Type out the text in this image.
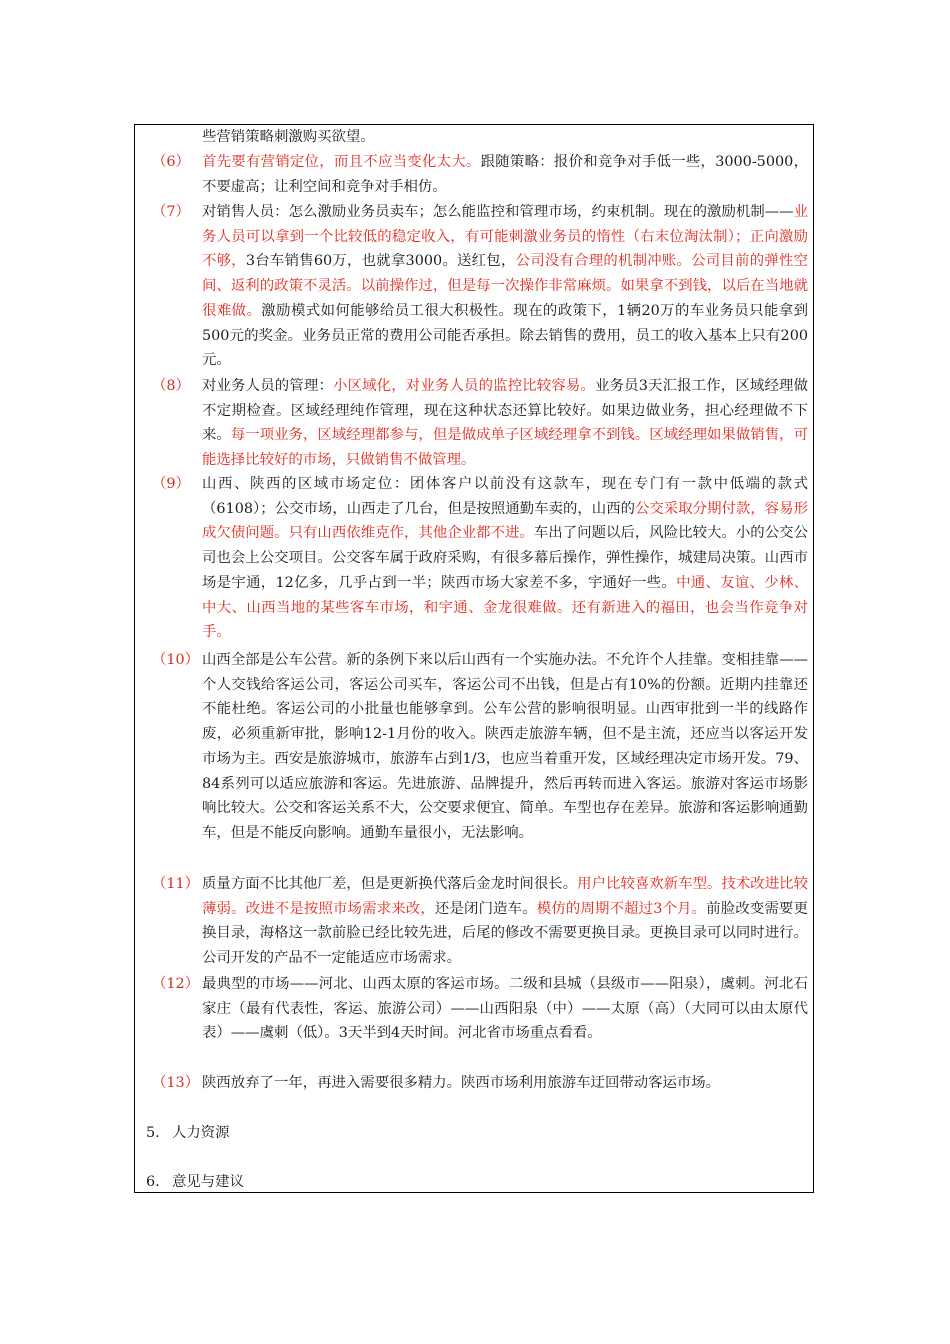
些营销策略刺激购买欲望。
（6） 首先要有营销定位，而且不应当变化太大。跟随策略：报价和竞争对手低一些，3000-5000，不要虚高；让利空间和竞争对手相仿。
（7） 对销售人员：怎么激励业务员卖车；怎么能监控和管理市场，约束机制。现在的激励机制——业务人员可以拿到一个比较低的稳定收入，有可能刺激业务员的惰性（右末位淘汰制）；正向激励不够，3台车销售60万，也就拿3000。送红包，公司没有合理的机制冲账。公司目前的弹性空间、返利的政策不灵活。以前操作过，但是每一次操作非常麻烦。如果拿不到钱，以后在当地就很难做。激励模式如何能够给员工很大积极性。现在的政策下，1辆20万的车业务员只能拿到500元的奖金。业务员正常的费用公司能否承担。除去销售的费用，员工的收入基本上只有200元。
（8） 对业务人员的管理：小区域化，对业务人员的监控比较容易。业务员3天汇报工作，区域经理做不定期检查。区域经理纯作管理，现在这种状态还算比较好。如果边做业务，担心经理做不下来。每一项业务，区域经理都参与，但是做成单子区域经理拿不到钱。区域经理如果做销售，可能选择比较好的市场，只做销售不做管理。
（9） 山西、陕西的区域市场定位：团体客户以前没有这款车，现在专门有一款中低端的款式（6108）；公交市场，山西走了几台，但是按照通勤车卖的，山西的公交采取分期付款，容易形成欠债问题。只有山西依维克作，其他企业都不进。车出了问题以后，风险比较大。小的公交公司也会上公交项目。公交客车属于政府采购，有很多幕后操作，弹性操作，城建局决策。山西市场是宇通，12亿多，几乎占到一半；陕西市场大家差不多，宇通好一些。中通、友谊、少林、中大、山西当地的某些客车市场，和宇通、金龙很难做。还有新进入的福田，也会当作竞争对手。
（10） 山西全部是公车公营。新的条例下来以后山西有一个实施办法。不允许个人挂靠。变相挂靠——个人交钱给客运公司，客运公司买车，客运公司不出钱，但是占有10%的份额。近期内挂靠还不能杜绝。客运公司的小批量也能够拿到。公车公营的影响很明显。山西审批到一半的线路作废，必须重新审批，影响12-1月份的收入。陕西走旅游车辆，但不是主流，还应当以客运开发市场为主。西安是旅游城市，旅游车占到1/3，也应当着重开发，区域经理决定市场开发。79、84系列可以适应旅游和客运。先进旅游、品牌提升，然后再转而进入客运。旅游对客运市场影响比较大。公交和客运关系不大，公交要求便宜、简单。车型也存在差异。旅游和客运影响通勤车，但是不能反向影响。通勤车量很小，无法影响。
（11） 质量方面不比其他厂差，但是更新换代落后金龙时间很长。用户比较喜欢新车型。技术改进比较薄弱。改进不是按照市场需求来改，还是闭门造车。模仿的周期不超过3个月。前脸改变需要更换目录，海格这一款前脸已经比较先进，后尾的修改不需要更换目录。更换目录可以同时进行。公司开发的产品不一定能适应市场需求。
（12） 最典型的市场——河北、山西太原的客运市场。二级和县城（县级市——阳泉），虞刺。河北石家庄（最有代表性，客运、旅游公司）——山西阳泉（中）——太原（高）（大同可以由太原代表）——虞刺（低）。3天半到4天时间。河北省市场重点看看。
（13） 陕西放弃了一年，再进入需要很多精力。陕西市场利用旅游车迂回带动客运市场。
5. 人力资源
6. 意见与建议
